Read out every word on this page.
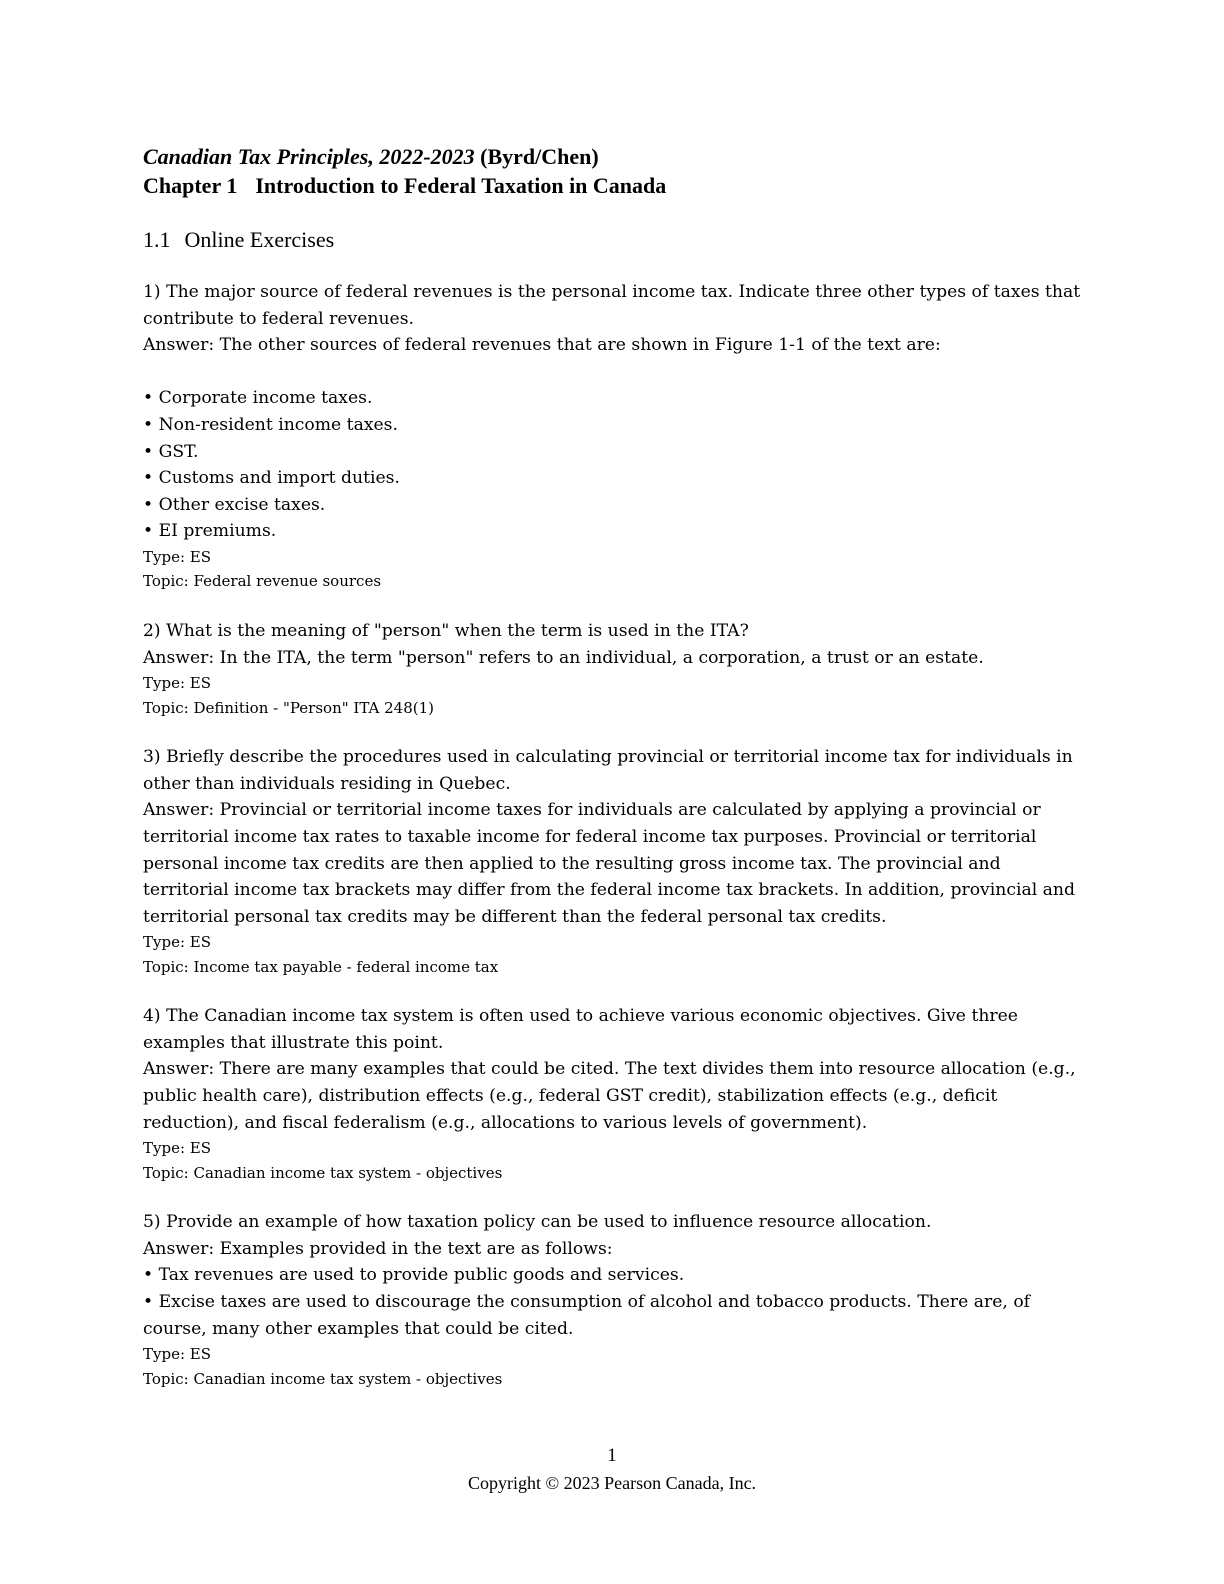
Canadian Tax Principles, 2022-2023 (Byrd/Chen)
Chapter 1 Introduction to Federal Taxation in Canada
1.1 Online Exercises
1) The major source of federal revenues is the personal income tax. Indicate three other types of taxes that contribute to federal revenues.
Answer: The other sources of federal revenues that are shown in Figure 1-1 of the text are:
• Corporate income taxes.
• Non-resident income taxes.
• GST.
• Customs and import duties.
• Other excise taxes.
• EI premiums.
Type: ES
Topic: Federal revenue sources
2) What is the meaning of "person" when the term is used in the ITA?
Answer: In the ITA, the term "person" refers to an individual, a corporation, a trust or an estate.
Type: ES
Topic: Definition - "Person" ITA 248(1)
3) Briefly describe the procedures used in calculating provincial or territorial income tax for individuals in other than individuals residing in Quebec.
Answer: Provincial or territorial income taxes for individuals are calculated by applying a provincial or territorial income tax rates to taxable income for federal income tax purposes. Provincial or territorial personal income tax credits are then applied to the resulting gross income tax. The provincial and territorial income tax brackets may differ from the federal income tax brackets. In addition, provincial and territorial personal tax credits may be different than the federal personal tax credits.
Type: ES
Topic: Income tax payable - federal income tax
4) The Canadian income tax system is often used to achieve various economic objectives. Give three examples that illustrate this point.
Answer: There are many examples that could be cited. The text divides them into resource allocation (e.g., public health care), distribution effects (e.g., federal GST credit), stabilization effects (e.g., deficit reduction), and fiscal federalism (e.g., allocations to various levels of government).
Type: ES
Topic: Canadian income tax system - objectives
5) Provide an example of how taxation policy can be used to influence resource allocation.
Answer: Examples provided in the text are as follows:
• Tax revenues are used to provide public goods and services.
• Excise taxes are used to discourage the consumption of alcohol and tobacco products. There are, of course, many other examples that could be cited.
Type: ES
Topic: Canadian income tax system - objectives
1
Copyright © 2023 Pearson Canada, Inc.
